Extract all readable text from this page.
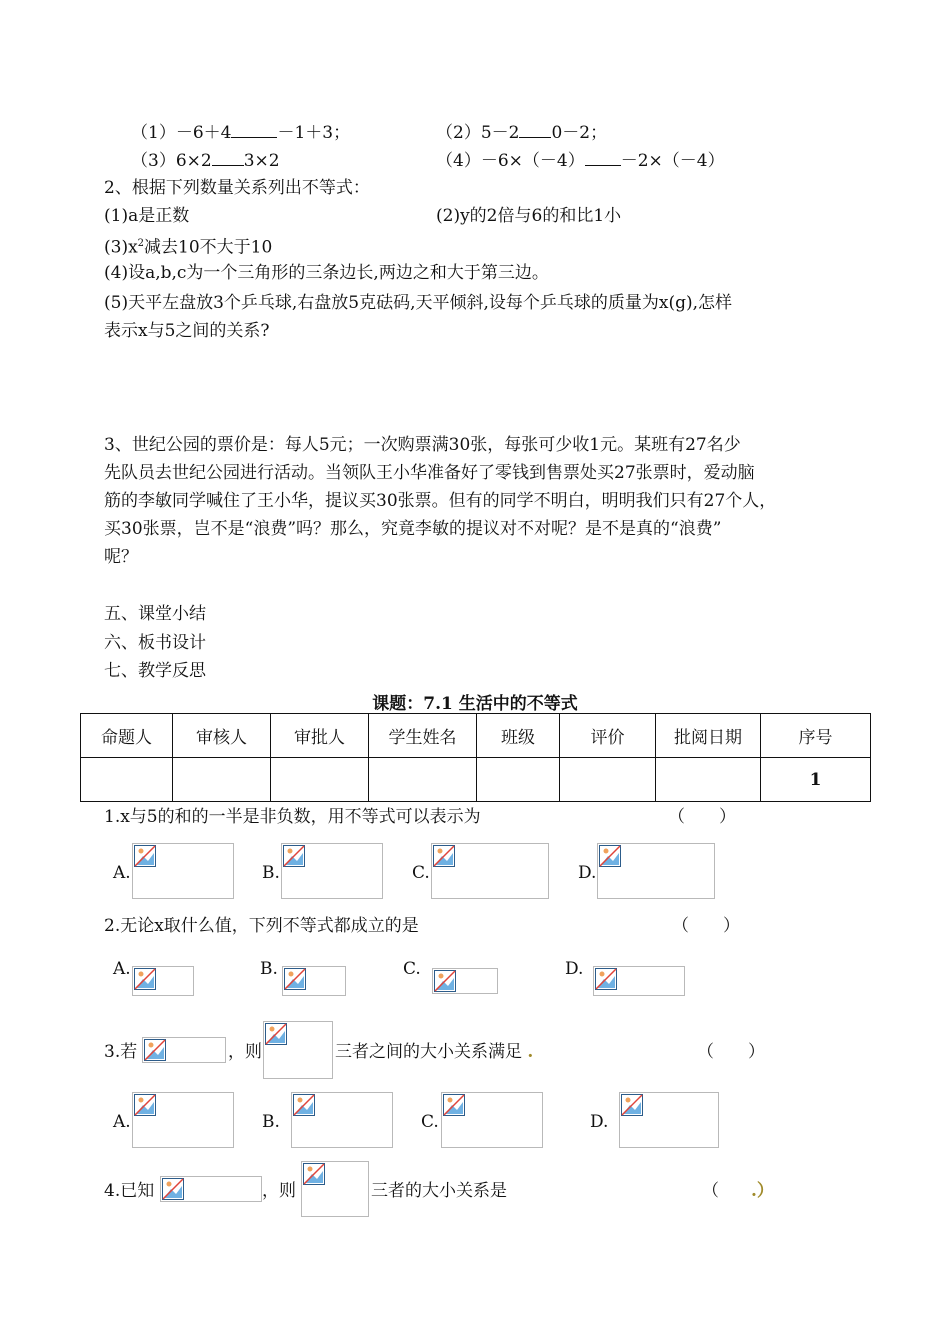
（1）－6＋4	－1＋3；	（2）5－2 0－2；
（3）6×2 3×2	（4）－6×（－4） －2×（－4）
2、根据下列数量关系列出不等式：
(1)a是正数	(2)y的2倍与6的和比1小
$(3)x^2$减去10不大于10
(4)设a,b,c为一个三角形的三条边长,两边之和大于第三边。
(5)天平左盘放3个乒乓球,右盘放5克砝码,天平倾斜,设每个乒乓球的质量为x(g),怎样
表示x与5之间的关系?
3、世纪公园的票价是：每人5元；一次购票满30张，每张可少收1元。某班有27名少
先队员去世纪公园进行活动。当领队王小华准备好了零钱到售票处买27张票时，爱动脑
筋的李敏同学喊住了王小华，提议买30张票。但有的同学不明白，明明我们只有27个人，
买30张票，岂不是“浪费”吗？那么，究竟李敏的提议对不对呢？是不是真的“浪费”
呢？
五、课堂小结
六、板书设计
七、教学反思
课题：7.1 生活中的不等式
命题人	审核人	审批人	学生姓名	班级	评价	批阅日期	序号
							1
1.x与5的和的一半是非负数，用不等式可以表示为	（　　）
A.	B.	C.	D.
2.无论x取什么值，下列不等式都成立的是	（　　）
A.	B.	C.	D.
3.若	，则	三者之间的大小关系满足 .	（　　）
A.	B.	C.	D.
4.已知	，则	三者的大小关系是	（ .）
